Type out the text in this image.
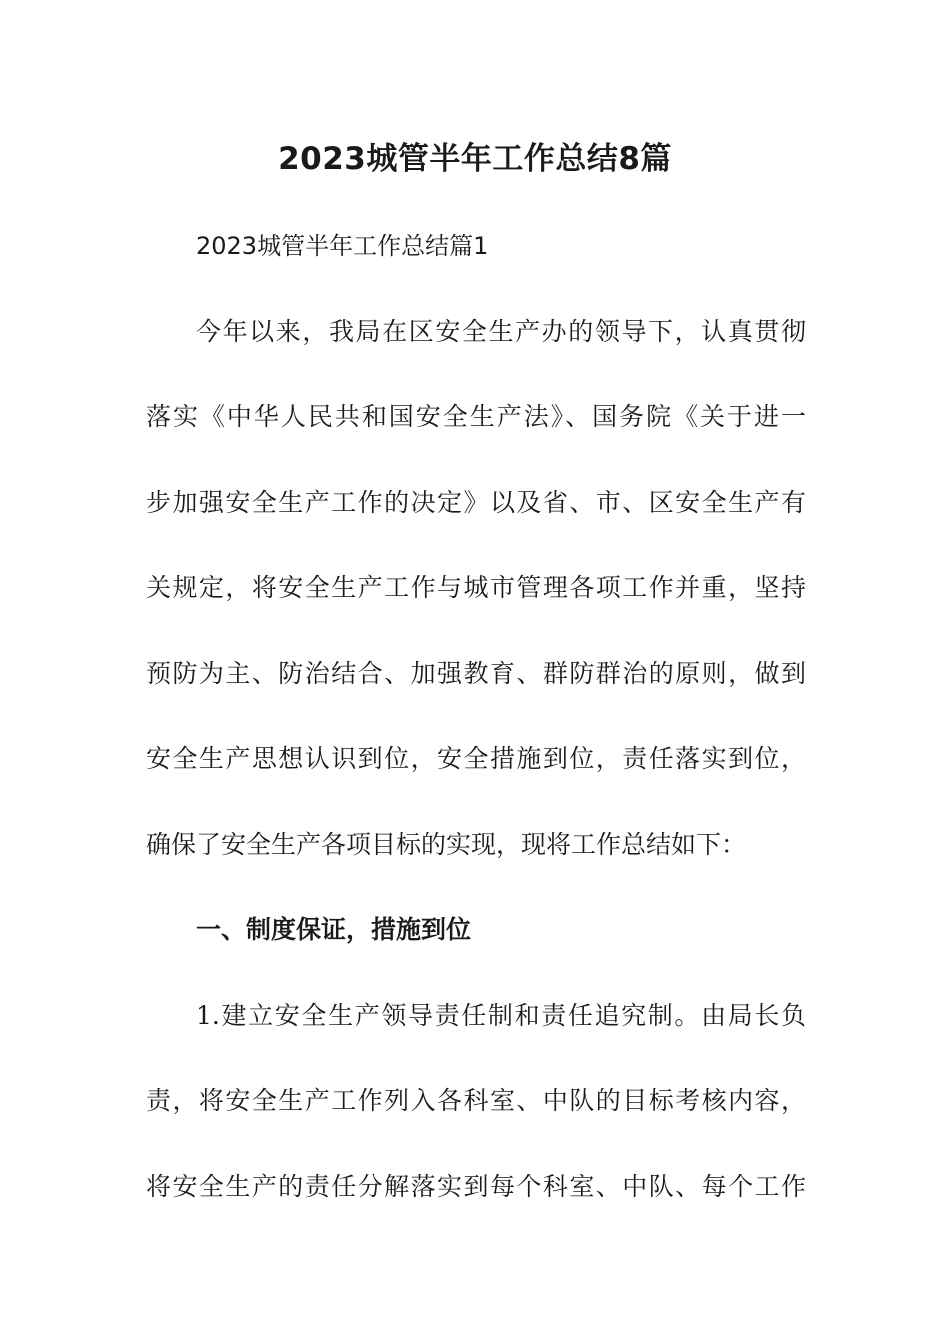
2023城管半年工作总结8篇

2023城管半年工作总结篇1

今年以来，我局在区安全生产办的领导下，认真贯彻

落实《中华人民共和国安全生产法》、国务院《关于进一

步加强安全生产工作的决定》以及省、市、区安全生产有

关规定，将安全生产工作与城市管理各项工作并重，坚持

预防为主、防治结合、加强教育、群防群治的原则，做到

安全生产思想认识到位，安全措施到位，责任落实到位，

确保了安全生产各项目标的实现，现将工作总结如下：

一、制度保证，措施到位

1.建立安全生产领导责任制和责任追究制。由局长负

责，将安全生产工作列入各科室、中队的目标考核内容，

将安全生产的责任分解落实到每个科室、中队、每个工作
